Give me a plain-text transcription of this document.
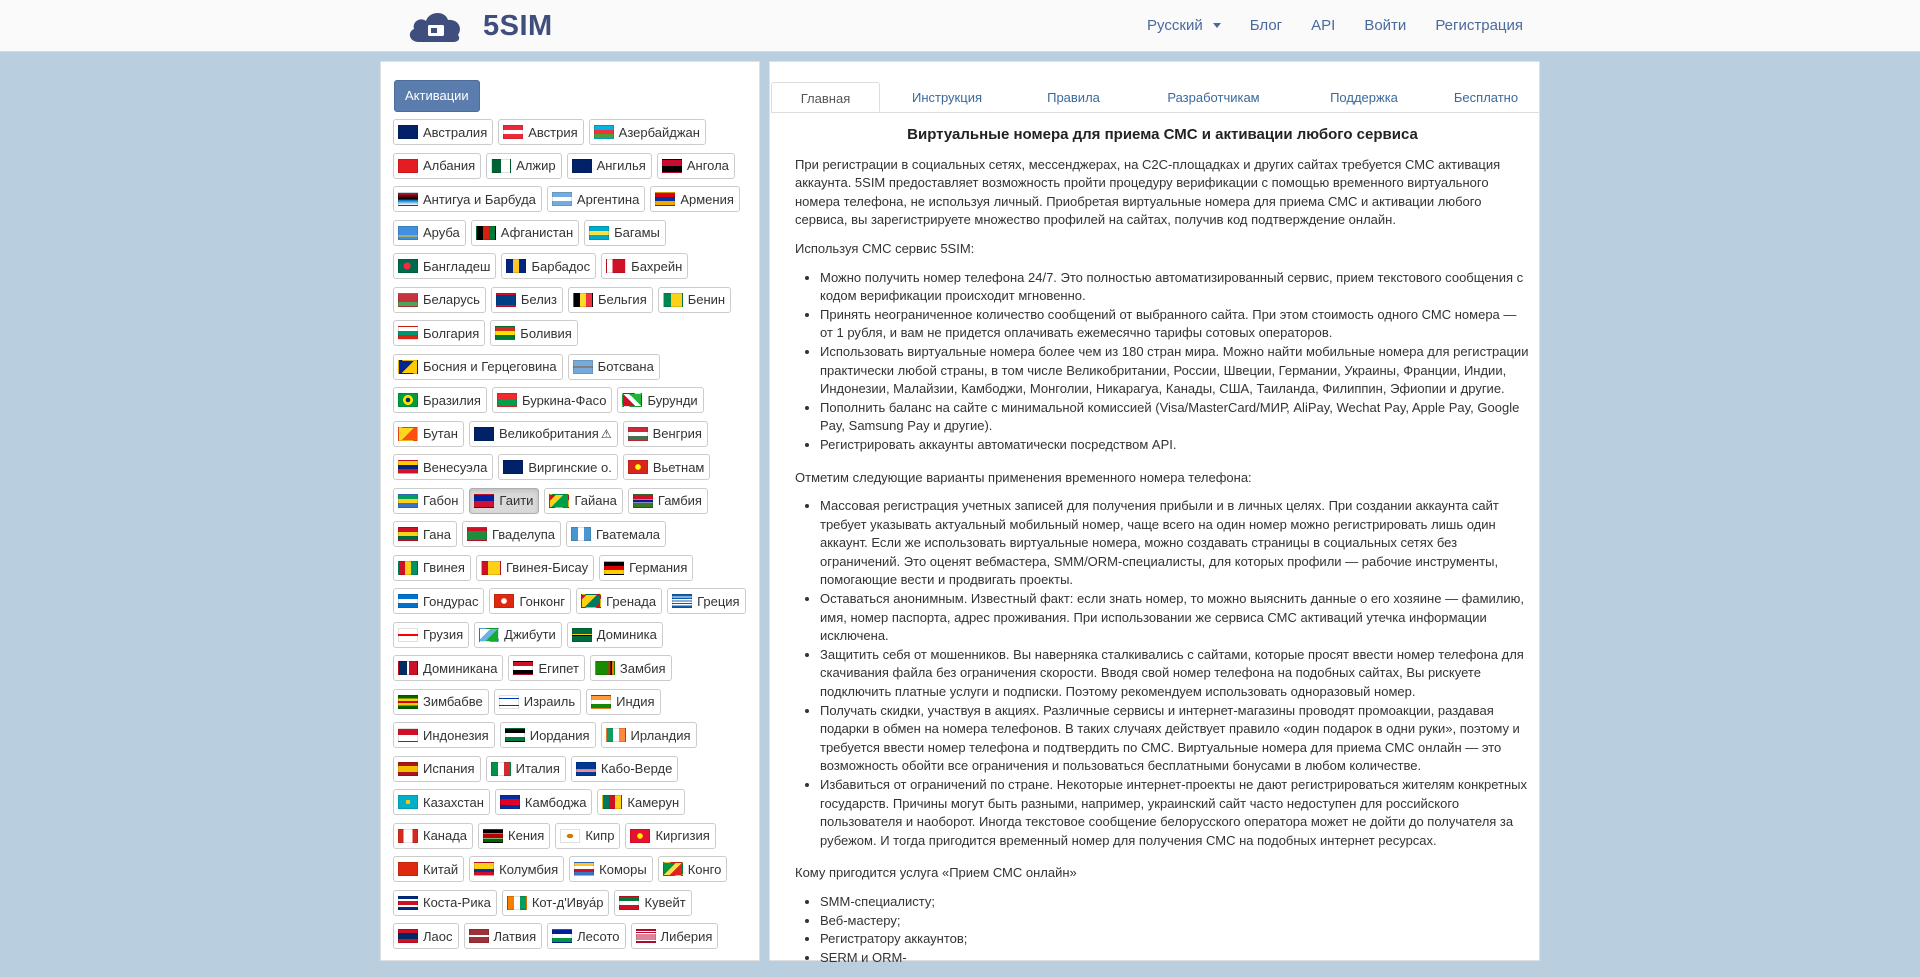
5SIM	Русский	Блог API Войти Регистрация
Активации
Австралия	Австрия	Азербайджан
Албания	Алжир	Ангилья	Ангола
Антигуа и Барбуда	Аргентина	Армения
Аруба	Афганистан	Багамы
Бангладеш	Барбадос	Бахрейн
Беларусь	Белиз	Бельгия	Бенин
Болгария	Боливия
Босния и Герцеговина	Ботсвана
Бразилия	Буркина-Фасо	Бурунди
Бутан	Великобритания ⚠	Венгрия
Венесуэла	Виргинские о.	Вьетнам
Габон	Гаити	Гайана	Гамбия
Гана	Гваделупа	Гватемала
Гвинея	Гвинея-Бисау	Германия
Гондурас	Гонконг	Гренада	Греция
Грузия	Джибути	Доминика
Доминикана	Египет	Замбия
Зимбабве	Израиль	Индия
Индонезия	Иордания	Ирландия
Испания	Италия	Кабо-Верде
Казахстан	Камбоджа	Камерун
Канада	Кения	Кипр	Киргизия
Китай	Колумбия	Коморы	Конго
Коста-Рика	Кот-д'Ивуа́р	Кувейт
Лаос	Латвия	Лесото	Либерия
Главная	Инструкция	Правила	Разработчикам	Поддержка	Бесплатно
Виртуальные номера для приема СМС и активации любого сервиса

При регистрации в социальных сетях, мессенджерах, на C2C-площадках и других сайтах требуется СМС активация аккаунта. 5SIM предоставляет возможность пройти процедуру верификации с помощью временного виртуального номера телефона, не используя личный. Приобретая виртуальные номера для приема СМС и активации любого сервиса, вы зарегистрируете множество профилей на сайтах, получив код подтверждение онлайн.

Используя СМС сервис 5SIM:

• Можно получить номер телефона 24/7. Это полностью автоматизированный сервис, прием текстового сообщения с кодом верификации происходит мгновенно.
• Принять неограниченное количество сообщений от выбранного сайта. При этом стоимость одного СМС номера — от 1 рубля, и вам не придется оплачивать ежемесячно тарифы сотовых операторов.
• Использовать виртуальные номера более чем из 180 стран мира. Можно найти мобильные номера для регистрации практически любой страны, в том числе Великобритании, России, Швеции, Германии, Украины, Франции, Индии, Индонезии, Малайзии, Камбоджи, Монголии, Никарагуа, Канады, США, Таиланда, Филиппин, Эфиопии и другие.
• Пополнить баланс на сайте с минимальной комиссией (Visa/MasterCard/МИР, AliPay, Wechat Pay, Apple Pay, Google Pay, Samsung Pay и другие).
• Регистрировать аккаунты автоматически посредством API.

Отметим следующие варианты применения временного номера телефона:

• Массовая регистрация учетных записей для получения прибыли и в личных целях. При создании аккаунта сайт требует указывать актуальный мобильный номер, чаще всего на один номер можно регистрировать лишь один аккаунт. Если же использовать виртуальные номера, можно создавать страницы в социальных сетях без ограничений. Это оценят вебмастера, SMM/ORM-специалисты, для которых профили — рабочие инструменты, помогающие вести и продвигать проекты.
• Оставаться анонимным. Известный факт: если знать номер, то можно выяснить данные о его хозяине — фамилию, имя, номер паспорта, адрес проживания. При использовании же сервиса СМС активаций утечка информации исключена.
• Защитить себя от мошенников. Вы наверняка сталкивались с сайтами, которые просят ввести номер телефона для скачивания файла без ограничения скорости. Вводя свой номер телефона на подобных сайтах, Вы рискуете подключить платные услуги и подписки. Поэтому рекомендуем использовать одноразовый номер.
• Получать скидки, участвуя в акциях. Различные сервисы и интернет-магазины проводят промоакции, раздавая подарки в обмен на номера телефонов. В таких случаях действует правило «один подарок в одни руки», поэтому и требуется ввести номер телефона и подтвердить по СМС. Виртуальные номера для приема СМС онлайн — это возможность обойти все ограничения и пользоваться бесплатными бонусами в любом количестве.
• Избавиться от ограничений по стране. Некоторые интернет-проекты не дают регистрироваться жителям конкретных государств. Причины могут быть разными, например, украинский сайт часто недоступен для российского пользователя и наоборот. Иногда текстовое сообщение белорусского оператора может не дойти до получателя за рубежом. И тогда пригодится временный номер для получения СМС на подобных интернет ресурсах.

Кому пригодится услуга «Прием СМС онлайн»

• SMM-специалисту;
• Веб-мастеру;
• Регистратору аккаунтов;
• SERM и ORM-
